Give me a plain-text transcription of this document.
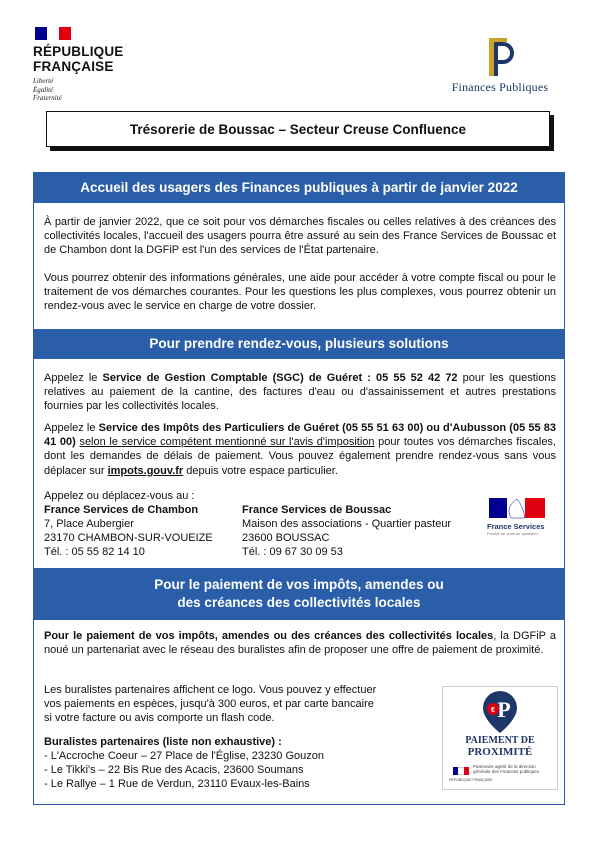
RÉPUBLIQUE
FRANÇAISE
Liberté
Égalité
Fraternité
Finances Publiques
Trésorerie de Boussac – Secteur Creuse Confluence
Accueil des usagers des Finances publiques à partir de janvier 2022

À partir de janvier 2022, que ce soit pour vos démarches fiscales ou celles relatives à des créances des collectivités locales, l'accueil des usagers pourra être assuré au sein des France Services de Boussac et de Chambon dont la DGFiP est l'un des services de l'État partenaire.

Vous pourrez obtenir des informations générales, une aide pour accéder à votre compte fiscal ou pour le traitement de vos démarches courantes. Pour les questions les plus complexes, vous pourrez obtenir un rendez-vous avec le service en charge de votre dossier.

Pour prendre rendez-vous, plusieurs solutions

Appelez le Service de Gestion Comptable (SGC) de Guéret : 05 55 52 42 72 pour les questions relatives au paiement de la cantine, des factures d'eau ou d'assainissement et autres prestations fournies par les collectivités locales.

Appelez le Service des Impôts des Particuliers de Guéret (05 55 51 63 00) ou d'Aubusson (05 55 83 41 00) selon le service compétent mentionné sur l'avis d'imposition pour toutes vos démarches fiscales, dont les demandes de délais de paiement. Vous pouvez également prendre rendez-vous sans vous déplacer sur impots.gouv.fr depuis votre espace particulier.

Appelez ou déplacez-vous au :
France Services de Chambon
7, Place Aubergier
23170 CHAMBON-SUR-VOUEIZE
Tél. : 05 55 82 14 10
France Services de Boussac
Maison des associations - Quartier pasteur
23600 BOUSSAC
Tél. : 09 67 30 09 53
France Services
Proche de vous au quotidien
Pour le paiement de vos impôts, amendes ou
des créances des collectivités locales

Pour le paiement de vos impôts, amendes ou des créances des collectivités locales, la DGFiP a noué un partenariat avec le réseau des buralistes afin de proposer une offre de paiement de proximité.

Les buralistes partenaires affichent ce logo. Vous pouvez y effectuer
vos paiements en espèces, jusqu'à 300 euros, et par carte bancaire
si votre facture ou avis comporte un flash code.
Buralistes partenaires (liste non exhaustive) :
- L'Accroche Coeur – 27 Place de l'Église, 23230 Gouzon
- Le Tikki's – 22 Bis Rue des Acacis, 23600 Soumans
- Le Rallye – 1 Rue de Verdun, 23110 Evaux-les-Bains
P
€
PAIEMENT DE
PROXIMITÉ
Partenaire agréé de la direction générale des Finances publiques
RÉPUBLIQUE FRANÇAISE
